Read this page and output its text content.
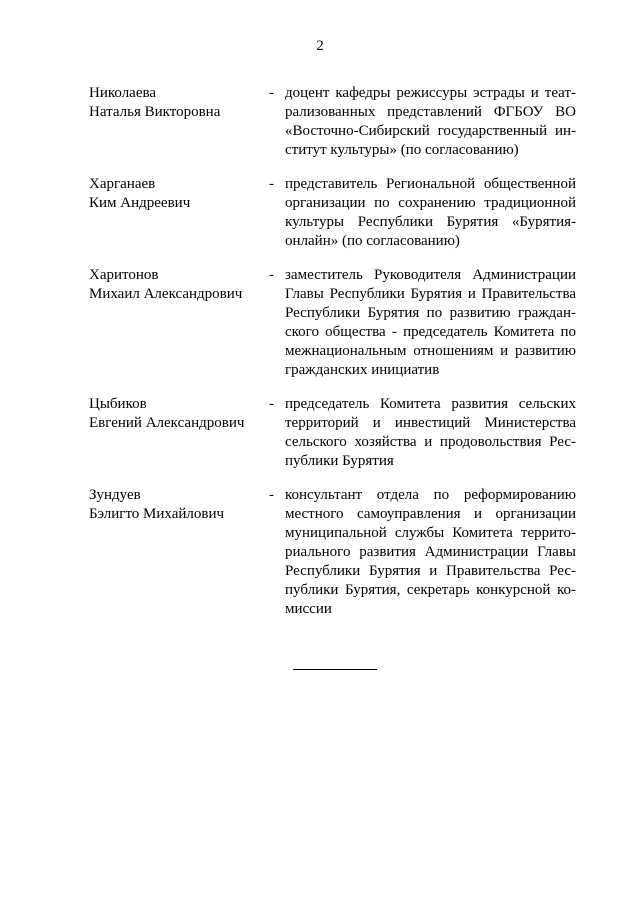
2
Николаева
Наталья Викторовна
- доцент кафедры режиссуры эстрады и теат-
рализованных представлений ФГБОУ ВО
«Восточно-Сибирский государственный ин-
ститут культуры» (по согласованию)
Харганаев
Ким Андреевич
- представитель Региональной общественной
организации по сохранению традиционной
культуры Республики Бурятия «Бурятия-
онлайн» (по согласованию)
Харитонов
Михаил Александрович
- заместитель Руководителя Администрации
Главы Республики Бурятия и Правительства
Республики Бурятия по развитию граждан-
ского общества - председатель Комитета по
межнациональным отношениям и развитию
гражданских инициатив
Цыбиков
Евгений Александрович
- председатель Комитета развития сельских
территорий и инвестиций Министерства
сельского хозяйства и продовольствия Рес-
публики Бурятия
Зундуев
Бэлигто Михайлович
- консультант отдела по реформированию
местного самоуправления и организации
муниципальной службы Комитета террито-
риального развития Администрации Главы
Республики Бурятия и Правительства Рес-
публики Бурятия, секретарь конкурсной ко-
миссии
